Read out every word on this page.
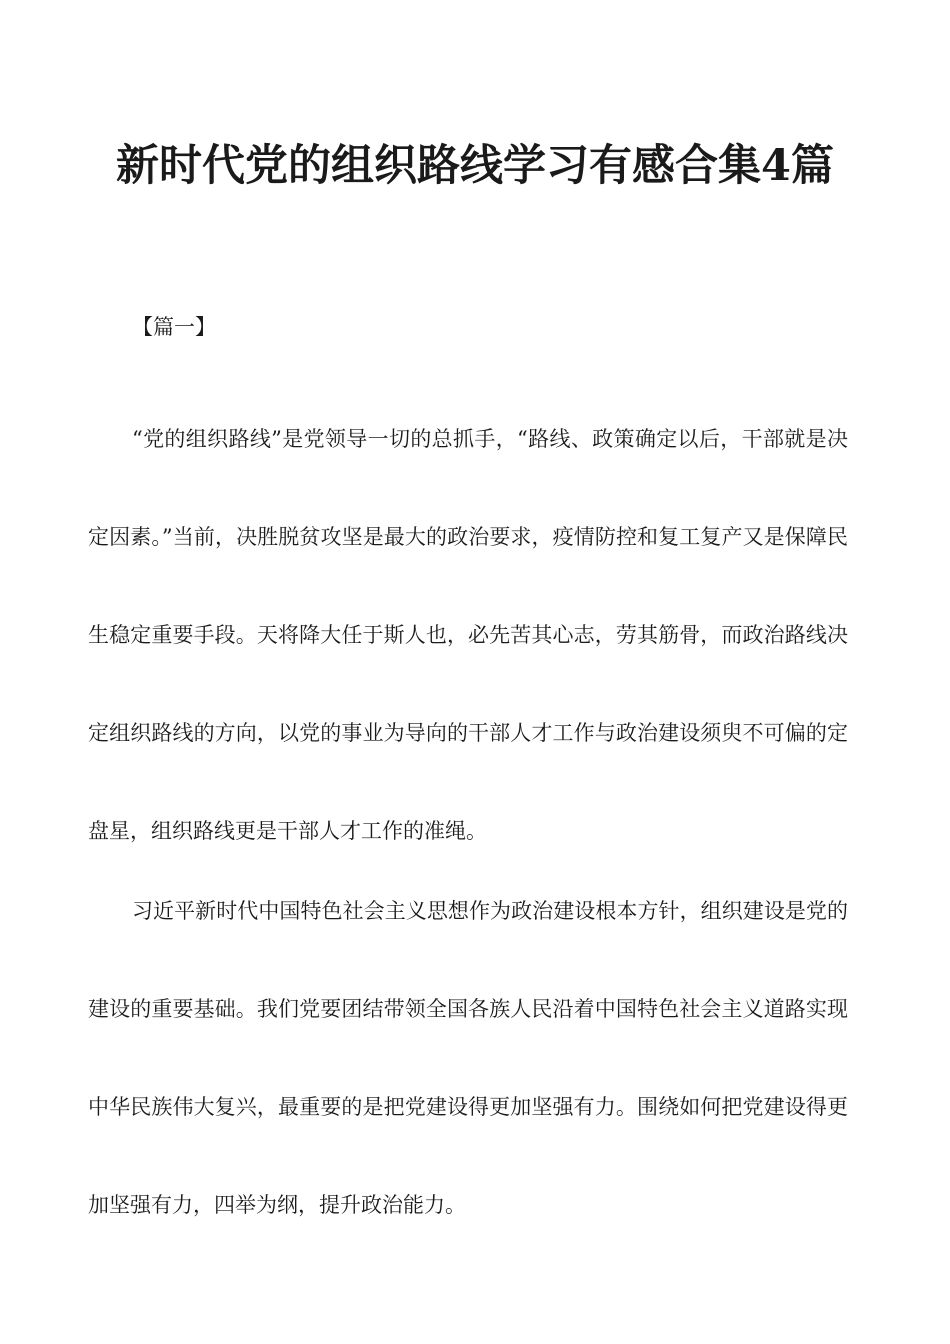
新时代党的组织路线学习有感合集4篇
【篇一】

“党的组织路线”是党领导一切的总抓手，“路线、政策确定以后，干部就是决定因素。”当前，决胜脱贫攻坚是最大的政治要求，疫情防控和复工复产又是保障民生稳定重要手段。天将降大任于斯人也，必先苦其心志，劳其筋骨，而政治路线决定组织路线的方向，以党的事业为导向的干部人才工作与政治建设须臾不可偏的定盘星，组织路线更是干部人才工作的准绳。

习近平新时代中国特色社会主义思想作为政治建设根本方针，组织建设是党的建设的重要基础。我们党要团结带领全国各族人民沿着中国特色社会主义道路实现中华民族伟大复兴，最重要的是把党建设得更加坚强有力。围绕如何把党建设得更加坚强有力，四举为纲，提升政治能力。
